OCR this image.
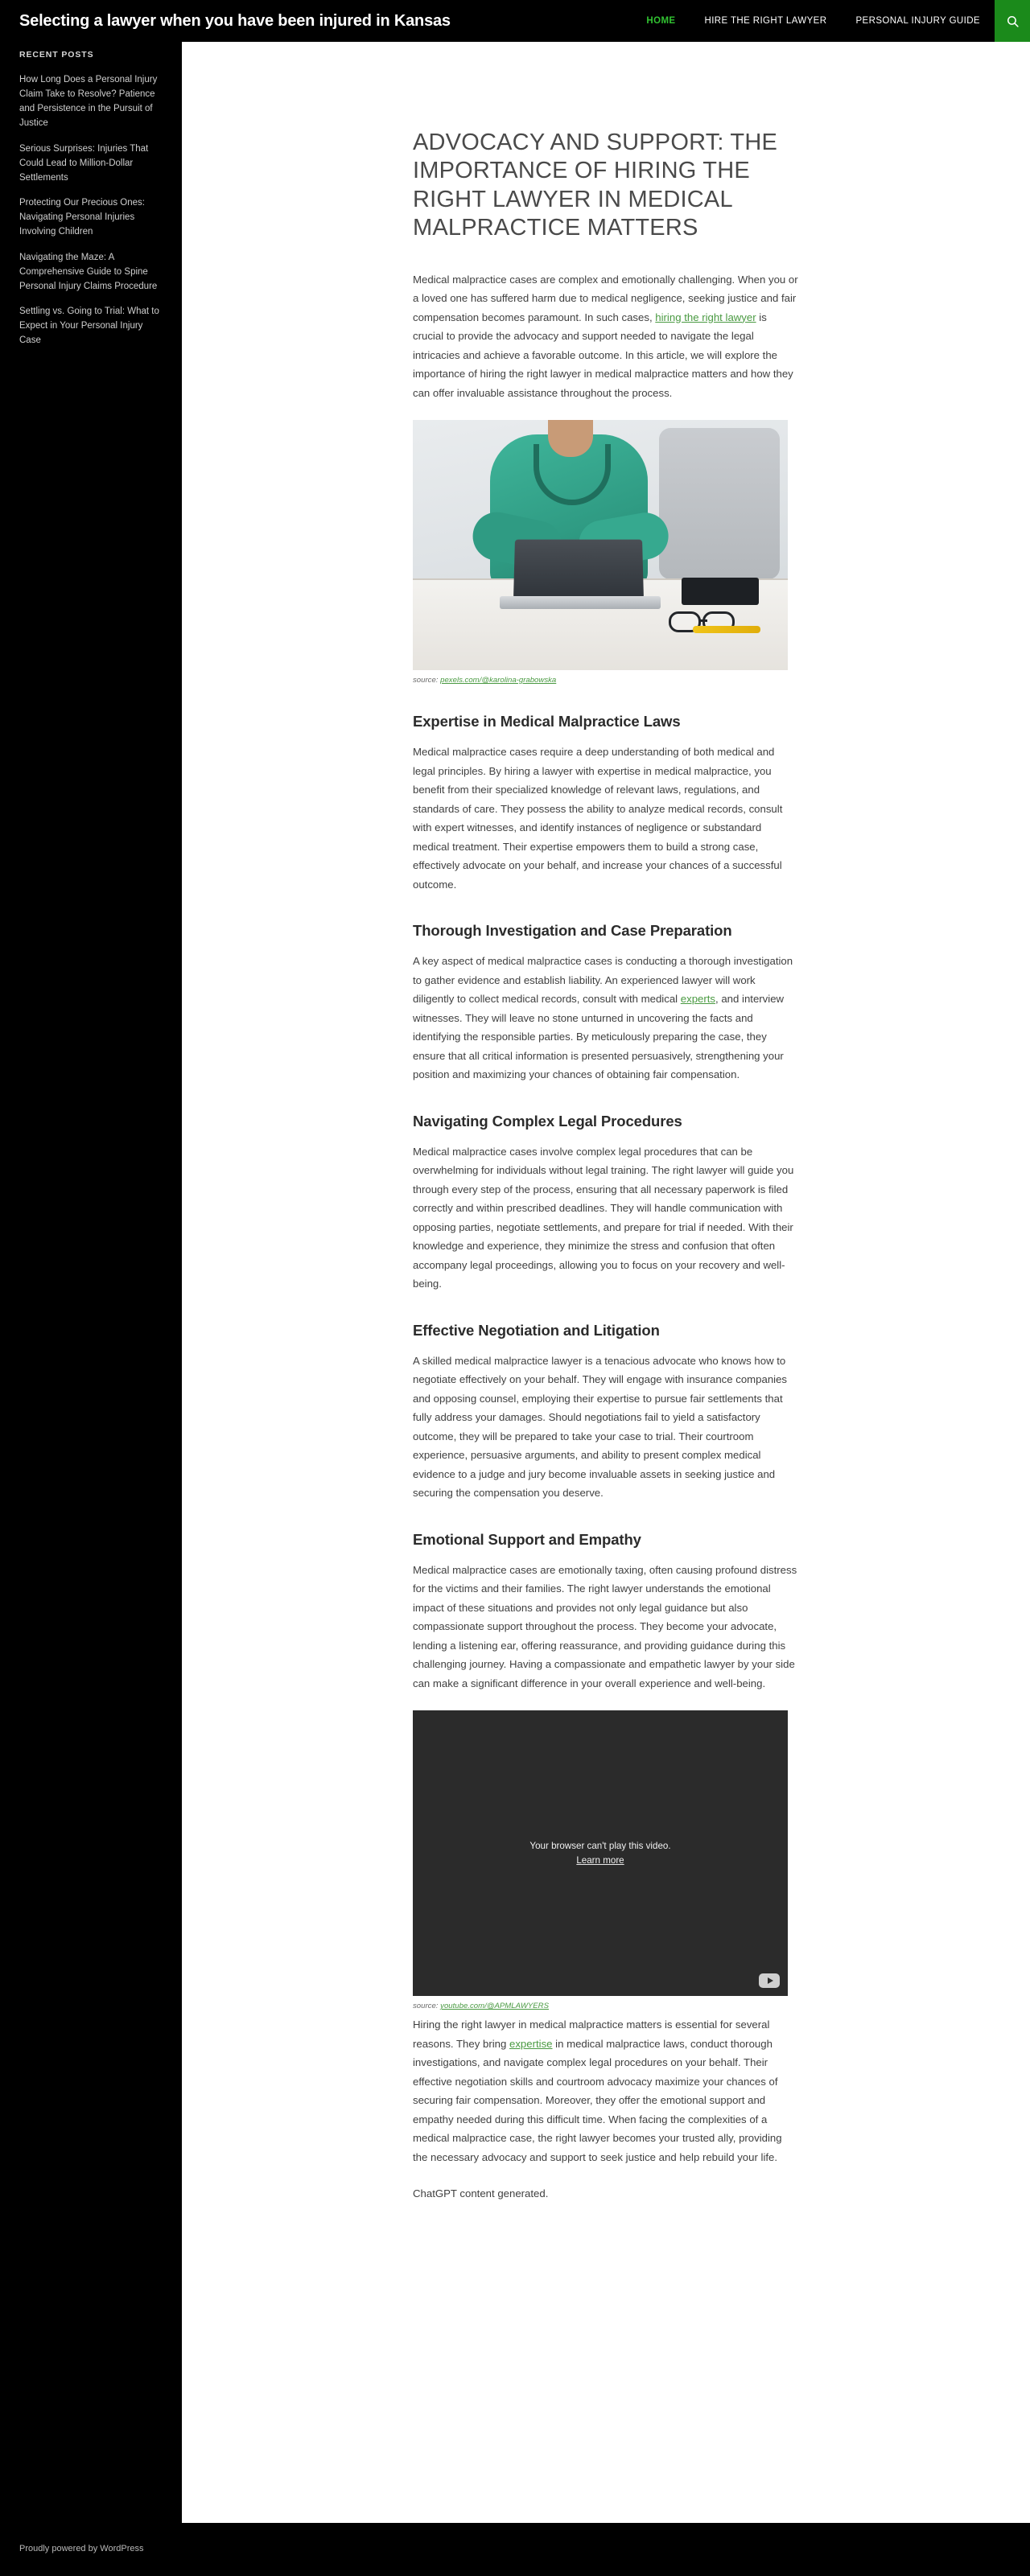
Selecting a lawyer when you have been injured in Kansas	HOME	HIRE THE RIGHT LAWYER	PERSONAL INJURY GUIDE
RECENT POSTS
How Long Does a Personal Injury Claim Take to Resolve? Patience and Persistence in the Pursuit of Justice
Serious Surprises: Injuries That Could Lead to Million-Dollar Settlements
Protecting Our Precious Ones: Navigating Personal Injuries Involving Children
Navigating the Maze: A Comprehensive Guide to Spine Personal Injury Claims Procedure
Settling vs. Going to Trial: What to Expect in Your Personal Injury Case
ADVOCACY AND SUPPORT: THE IMPORTANCE OF HIRING THE RIGHT LAWYER IN MEDICAL MALPRACTICE MATTERS

Medical malpractice cases are complex and emotionally challenging. When you or a loved one has suffered harm due to medical negligence, seeking justice and fair compensation becomes paramount. In such cases, hiring the right lawyer is crucial to provide the advocacy and support needed to navigate the legal intricacies and achieve a favorable outcome. In this article, we will explore the importance of hiring the right lawyer in medical malpractice matters and how they can offer invaluable assistance throughout the process.

source: pexels.com/@karolina-grabowska
Expertise in Medical Malpractice Laws

Medical malpractice cases require a deep understanding of both medical and legal principles. By hiring a lawyer with expertise in medical malpractice, you benefit from their specialized knowledge of relevant laws, regulations, and standards of care. They possess the ability to analyze medical records, consult with expert witnesses, and identify instances of negligence or substandard medical treatment. Their expertise empowers them to build a strong case, effectively advocate on your behalf, and increase your chances of a successful outcome.

Thorough Investigation and Case Preparation

A key aspect of medical malpractice cases is conducting a thorough investigation to gather evidence and establish liability. An experienced lawyer will work diligently to collect medical records, consult with medical experts, and interview witnesses. They will leave no stone unturned in uncovering the facts and identifying the responsible parties. By meticulously preparing the case, they ensure that all critical information is presented persuasively, strengthening your position and maximizing your chances of obtaining fair compensation.

Navigating Complex Legal Procedures

Medical malpractice cases involve complex legal procedures that can be overwhelming for individuals without legal training. The right lawyer will guide you through every step of the process, ensuring that all necessary paperwork is filed correctly and within prescribed deadlines. They will handle communication with opposing parties, negotiate settlements, and prepare for trial if needed. With their knowledge and experience, they minimize the stress and confusion that often accompany legal proceedings, allowing you to focus on your recovery and well-being.

Effective Negotiation and Litigation

A skilled medical malpractice lawyer is a tenacious advocate who knows how to negotiate effectively on your behalf. They will engage with insurance companies and opposing counsel, employing their expertise to pursue fair settlements that fully address your damages. Should negotiations fail to yield a satisfactory outcome, they will be prepared to take your case to trial. Their courtroom experience, persuasive arguments, and ability to present complex medical evidence to a judge and jury become invaluable assets in seeking justice and securing the compensation you deserve.

Emotional Support and Empathy

Medical malpractice cases are emotionally taxing, often causing profound distress for the victims and their families. The right lawyer understands the emotional impact of these situations and provides not only legal guidance but also compassionate support throughout the process. They become your advocate, lending a listening ear, offering reassurance, and providing guidance during this challenging journey. Having a compassionate and empathetic lawyer by your side can make a significant difference in your overall experience and well-being.

Your browser can't play this video.
Learn more
source: youtube.com/@APMLAWYERS

Hiring the right lawyer in medical malpractice matters is essential for several reasons. They bring expertise in medical malpractice laws, conduct thorough investigations, and navigate complex legal procedures on your behalf. Their effective negotiation skills and courtroom advocacy maximize your chances of securing fair compensation. Moreover, they offer the emotional support and empathy needed during this difficult time. When facing the complexities of a medical malpractice case, the right lawyer becomes your trusted ally, providing the necessary advocacy and support to seek justice and help rebuild your life.

ChatGPT content generated.

Proudly powered by WordPress
